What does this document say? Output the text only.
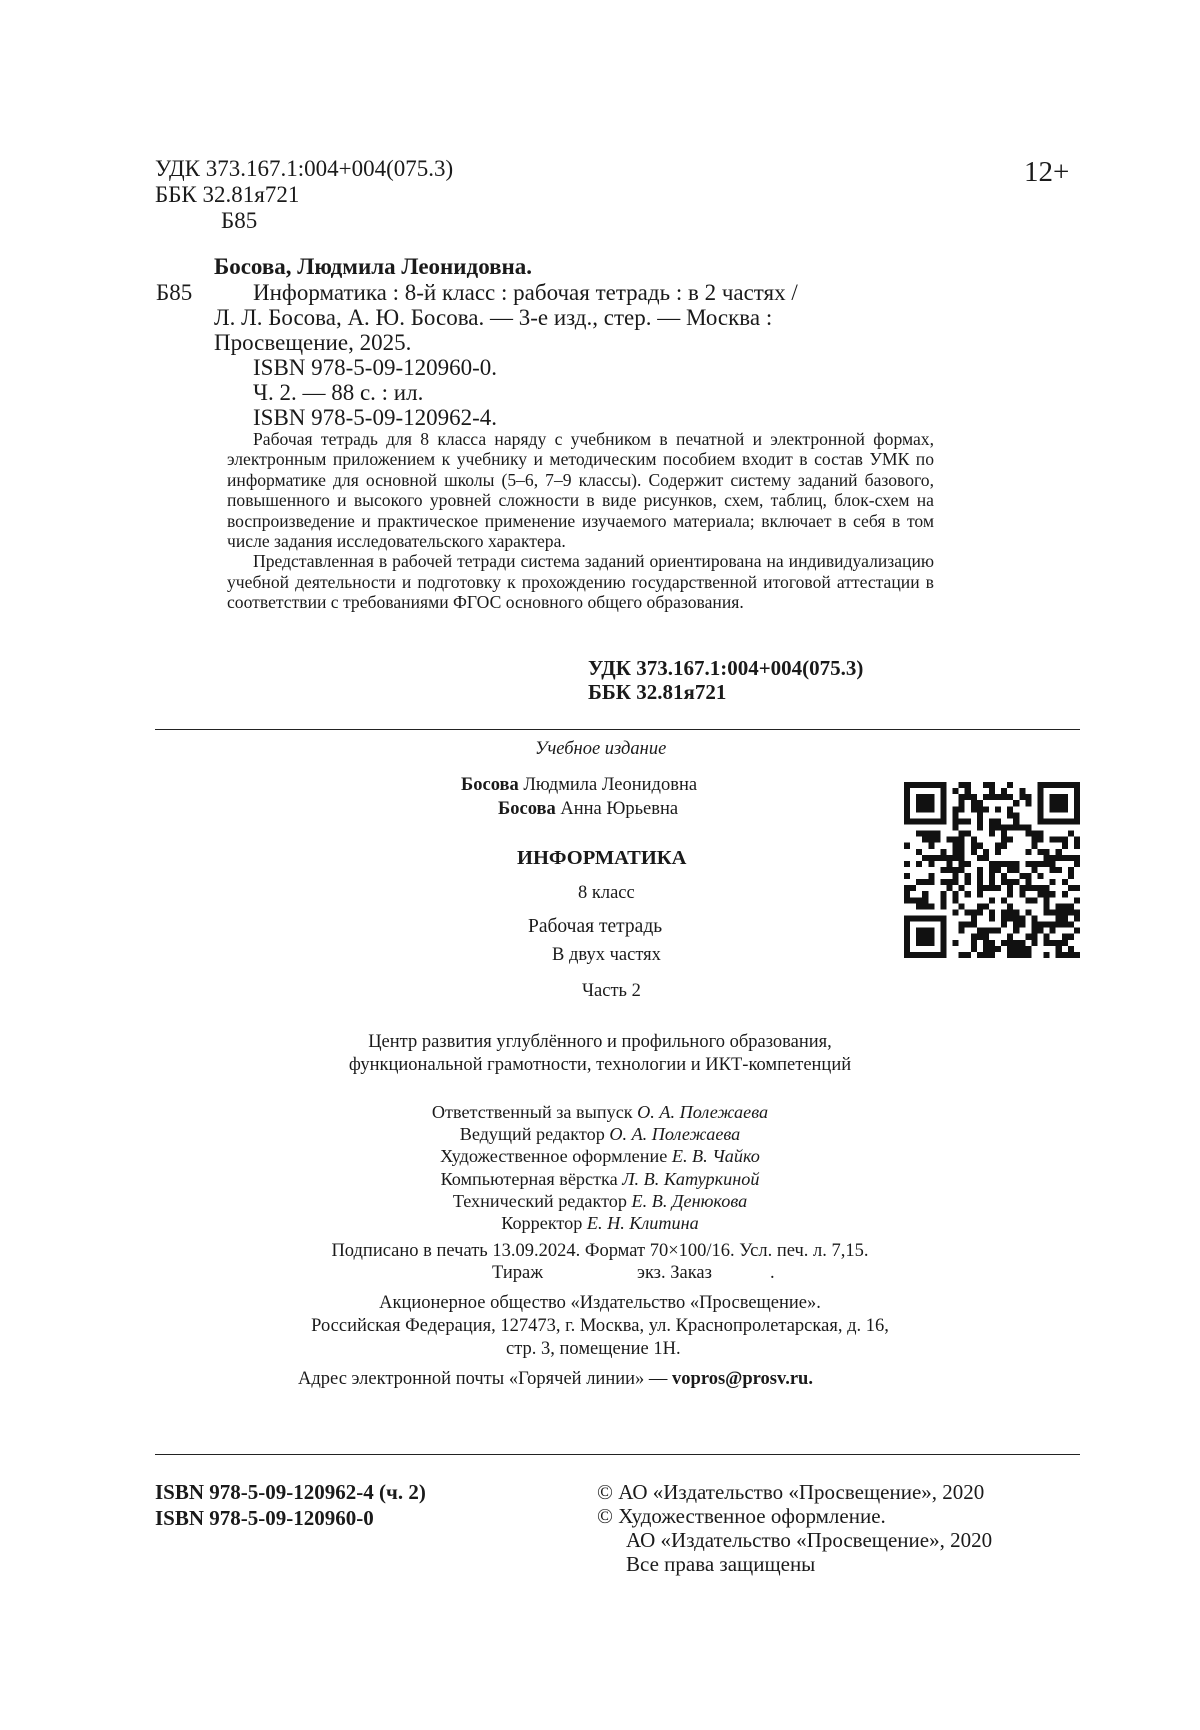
УДК 373.167.1:004+004(075.3)
ББК 32.81я721
Б85
12+
Босова, Людмила Леонидовна.
Б85	Информатика : 8-й класс : рабочая тетрадь : в 2 частях /
Л. Л. Босова, А. Ю. Босова. — 3-е изд., стер. — Москва :
Просвещение, 2025.
ISBN 978-5-09-120960-0.
Ч. 2. — 88 с. : ил.
ISBN 978-5-09-120962-4.

Рабочая тетрадь для 8 класса наряду с учебником в печатной и электронной формах, электронным приложением к учебнику и методическим пособием входит в состав УМК по информатике для основной школы (5–6, 7–9 классы). Содержит систему заданий базового, повышенного и высокого уровней сложности в виде рисунков, схем, таблиц, блок-схем на воспроизведение и практическое применение изучаемого материала; включает в себя в том числе задания исследовательского характера.

Представленная в рабочей тетради система заданий ориентирована на индивидуализацию учебной деятельности и подготовку к прохождению государственной итоговой аттестации в соответствии с требованиями ФГОС основного общего образования.

УДК 373.167.1:004+004(075.3)
ББК 32.81я721
Учебное издание
Босова Людмила Леонидовна
Босова Анна Юрьевна
ИНФОРМАТИКА
8 класс
Рабочая тетрадь
В двух частях
Часть 2
Центр развития углублённого и профильного образования,
функциональной грамотности, технологии и ИКТ-компетенций
Ответственный за выпуск О. А. Полежаева
Ведущий редактор О. А. Полежаева
Художественное оформление Е. В. Чайко
Компьютерная вёрстка Л. В. Катуркиной
Технический редактор Е. В. Денюкова
Корректор Е. Н. Клитина
Подписано в печать 13.09.2024. Формат 70×100/16. Усл. печ. л. 7,15.
Тираж	экз. Заказ	.
Акционерное общество «Издательство «Просвещение».
Российская Федерация, 127473, г. Москва, ул. Краснопролетарская, д. 16,
стр. 3, помещение 1Н.
Адрес электронной почты «Горячей линии» — vopros@prosv.ru.
ISBN 978-5-09-120962-4 (ч. 2)
ISBN 978-5-09-120960-0
© АО «Издательство «Просвещение», 2020
© Художественное оформление.
АО «Издательство «Просвещение», 2020
Все права защищены
